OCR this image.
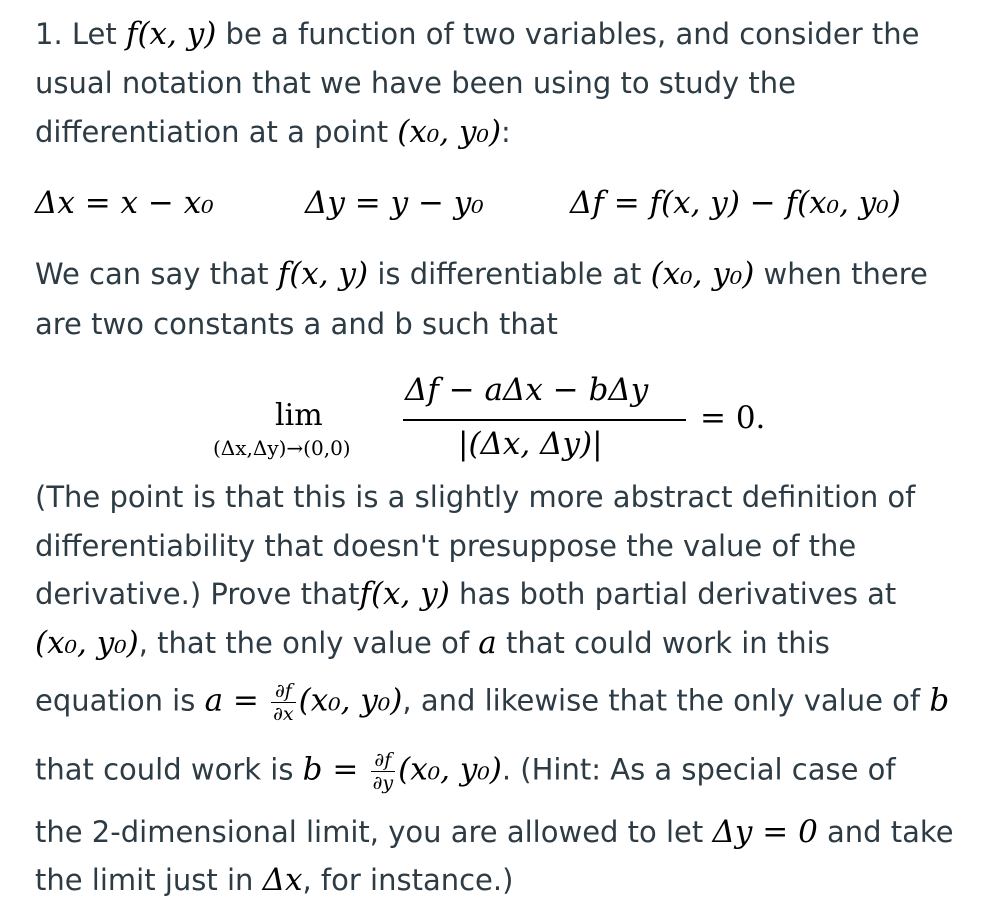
1. Let f(x, y) be a function of two variables, and consider the
usual notation that we have been using to study the
differentiation at a point (x₀, y₀):
Δx = x − x₀	Δy = y − y₀	Δf = f(x, y) − f(x₀, y₀)
We can say that f(x, y) is differentiable at (x₀, y₀) when there
are two constants a and b such that
lim
(Δx,Δy)→(0,0)
Δf − aΔx − bΔy
|(Δx, Δy)|
= 0.
(The point is that this is a slightly more abstract definition of
differentiability that doesn't presuppose the value of the
derivative.) Prove thatf(x, y) has both partial derivatives at
(x₀, y₀), that the only value of a that could work in this
equation is $a = \frac{\partial f}{\partial x} (x_0$, y₀), and likewise that the only value of b
that could work is $b = \frac{\partial f}{\partial y} (x_0$, y₀). (Hint: As a special case of
the 2-dimensional limit, you are allowed to let Δy = 0 and take
the limit just in Δx, for instance.)
